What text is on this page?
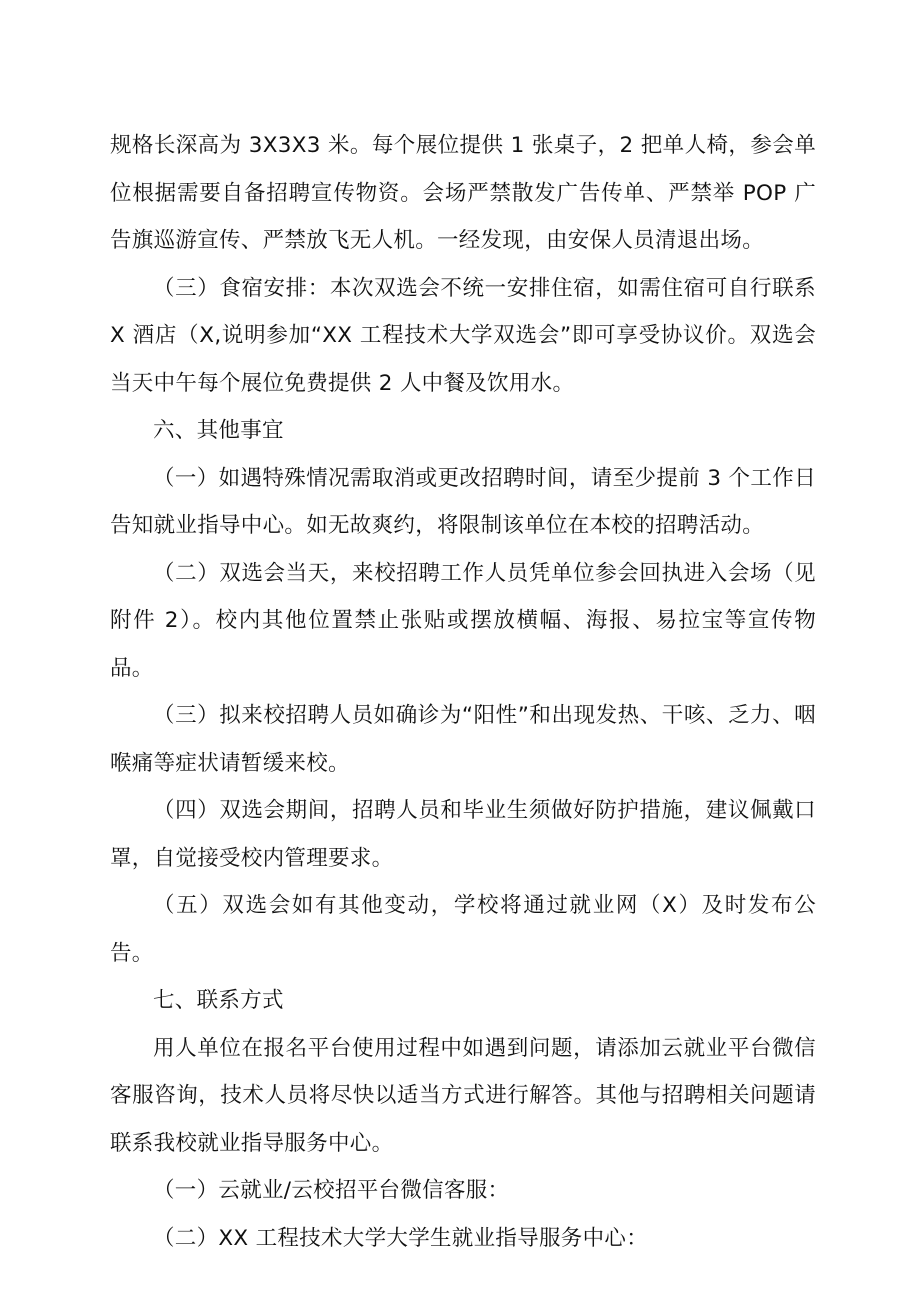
规格长深高为 3X3X3 米。每个展位提供 1 张桌子，2 把单人椅，参会单位根据需要自备招聘宣传物资。会场严禁散发广告传单、严禁举 POP 广告旗巡游宣传、严禁放飞无人机。一经发现，由安保人员清退出场。

（三）食宿安排：本次双选会不统一安排住宿，如需住宿可自行联系 X 酒店（X,说明参加“XX 工程技术大学双选会”即可享受协议价。双选会当天中午每个展位免费提供 2 人中餐及饮用水。

六、其他事宜

（一）如遇特殊情况需取消或更改招聘时间，请至少提前 3 个工作日告知就业指导中心。如无故爽约，将限制该单位在本校的招聘活动。

（二）双选会当天，来校招聘工作人员凭单位参会回执进入会场（见附件 2）。校内其他位置禁止张贴或摆放横幅、海报、易拉宝等宣传物品。

（三）拟来校招聘人员如确诊为“阳性”和出现发热、干咳、乏力、咽喉痛等症状请暂缓来校。

（四）双选会期间，招聘人员和毕业生须做好防护措施，建议佩戴口罩，自觉接受校内管理要求。

（五）双选会如有其他变动，学校将通过就业网（X）及时发布公告。

七、联系方式

用人单位在报名平台使用过程中如遇到问题，请添加云就业平台微信客服咨询，技术人员将尽快以适当方式进行解答。其他与招聘相关问题请联系我校就业指导服务中心。

（一）云就业/云校招平台微信客服：

（二）XX 工程技术大学大学生就业指导服务中心：
